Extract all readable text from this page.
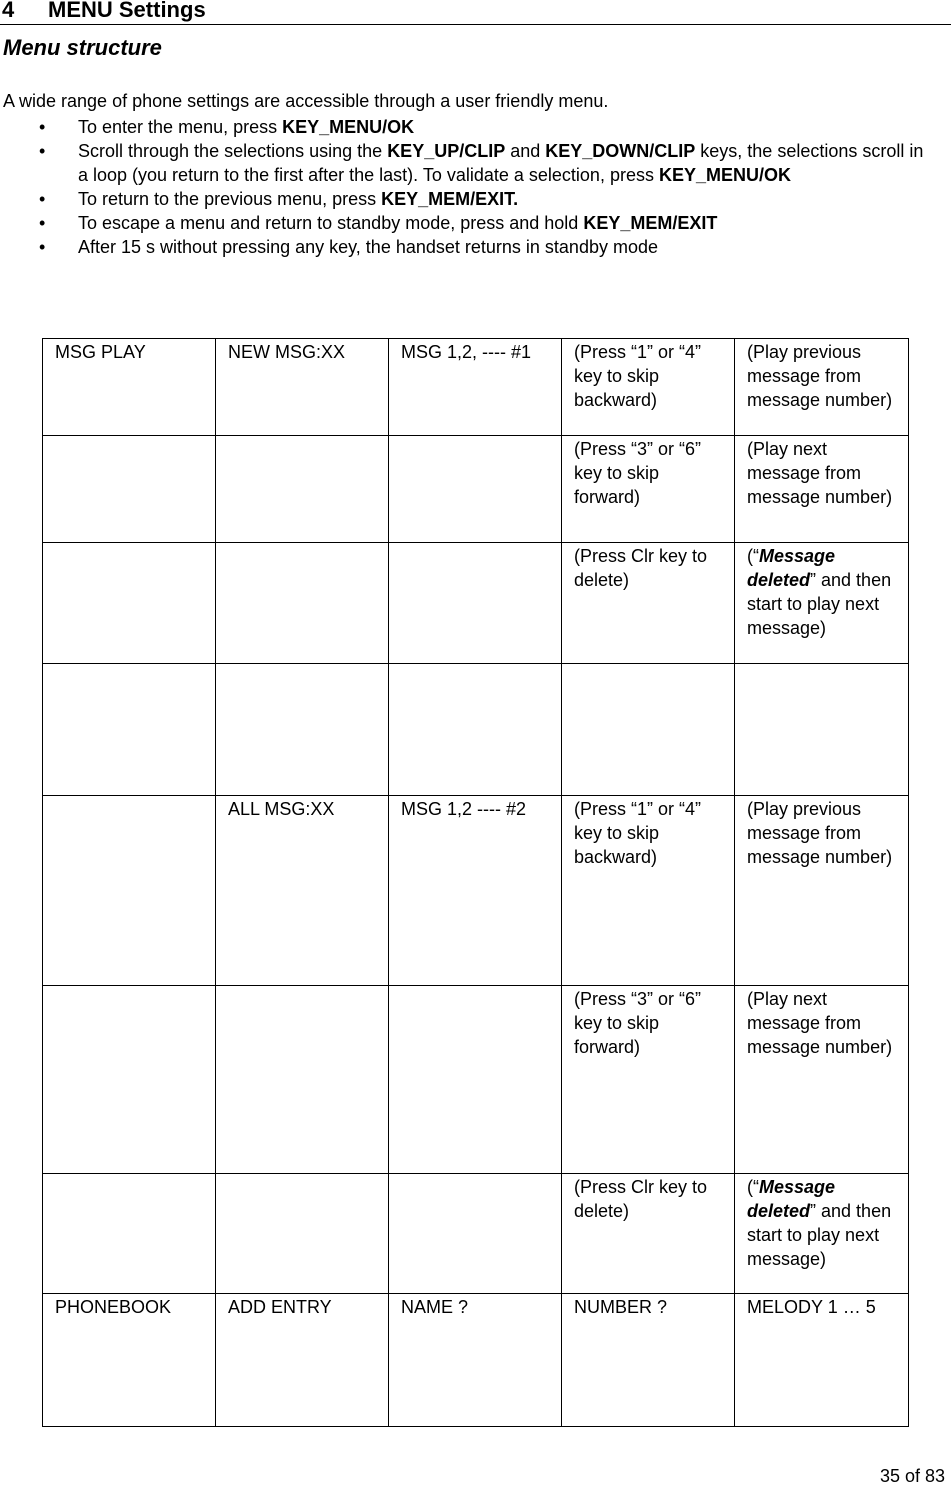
4 MENU Settings
Menu structure
A wide range of phone settings are accessible through a user friendly menu.
• To enter the menu, press KEY_MENU/OK
• Scroll through the selections using the KEY_UP/CLIP and KEY_DOWN/CLIP keys, the selections scroll in a loop (you return to the first after the last). To validate a selection, press KEY_MENU/OK
• To return to the previous menu, press KEY_MEM/EXIT.
• To escape a menu and return to standby mode, press and hold KEY_MEM/EXIT
• After 15 s without pressing any key, the handset returns in standby mode
MSG PLAY	NEW MSG:XX	MSG 1,2, ---- #1	(Press “1” or “4” key to skip backward)	(Play previous message from message number)
			(Press “3” or “6” key to skip forward)	(Play next message from message number)
			(Press Clr key to delete)	(“Message deleted” and then start to play next message)

	ALL MSG:XX	MSG 1,2 ---- #2	(Press “1” or “4” key to skip backward)	(Play previous message from message number)
			(Press “3” or “6” key to skip forward)	(Play next message from message number)
			(Press Clr key to delete)	(“Message deleted” and then start to play next message)
PHONEBOOK	ADD ENTRY	NAME ?	NUMBER ?	MELODY 1 … 5
35 of 83
